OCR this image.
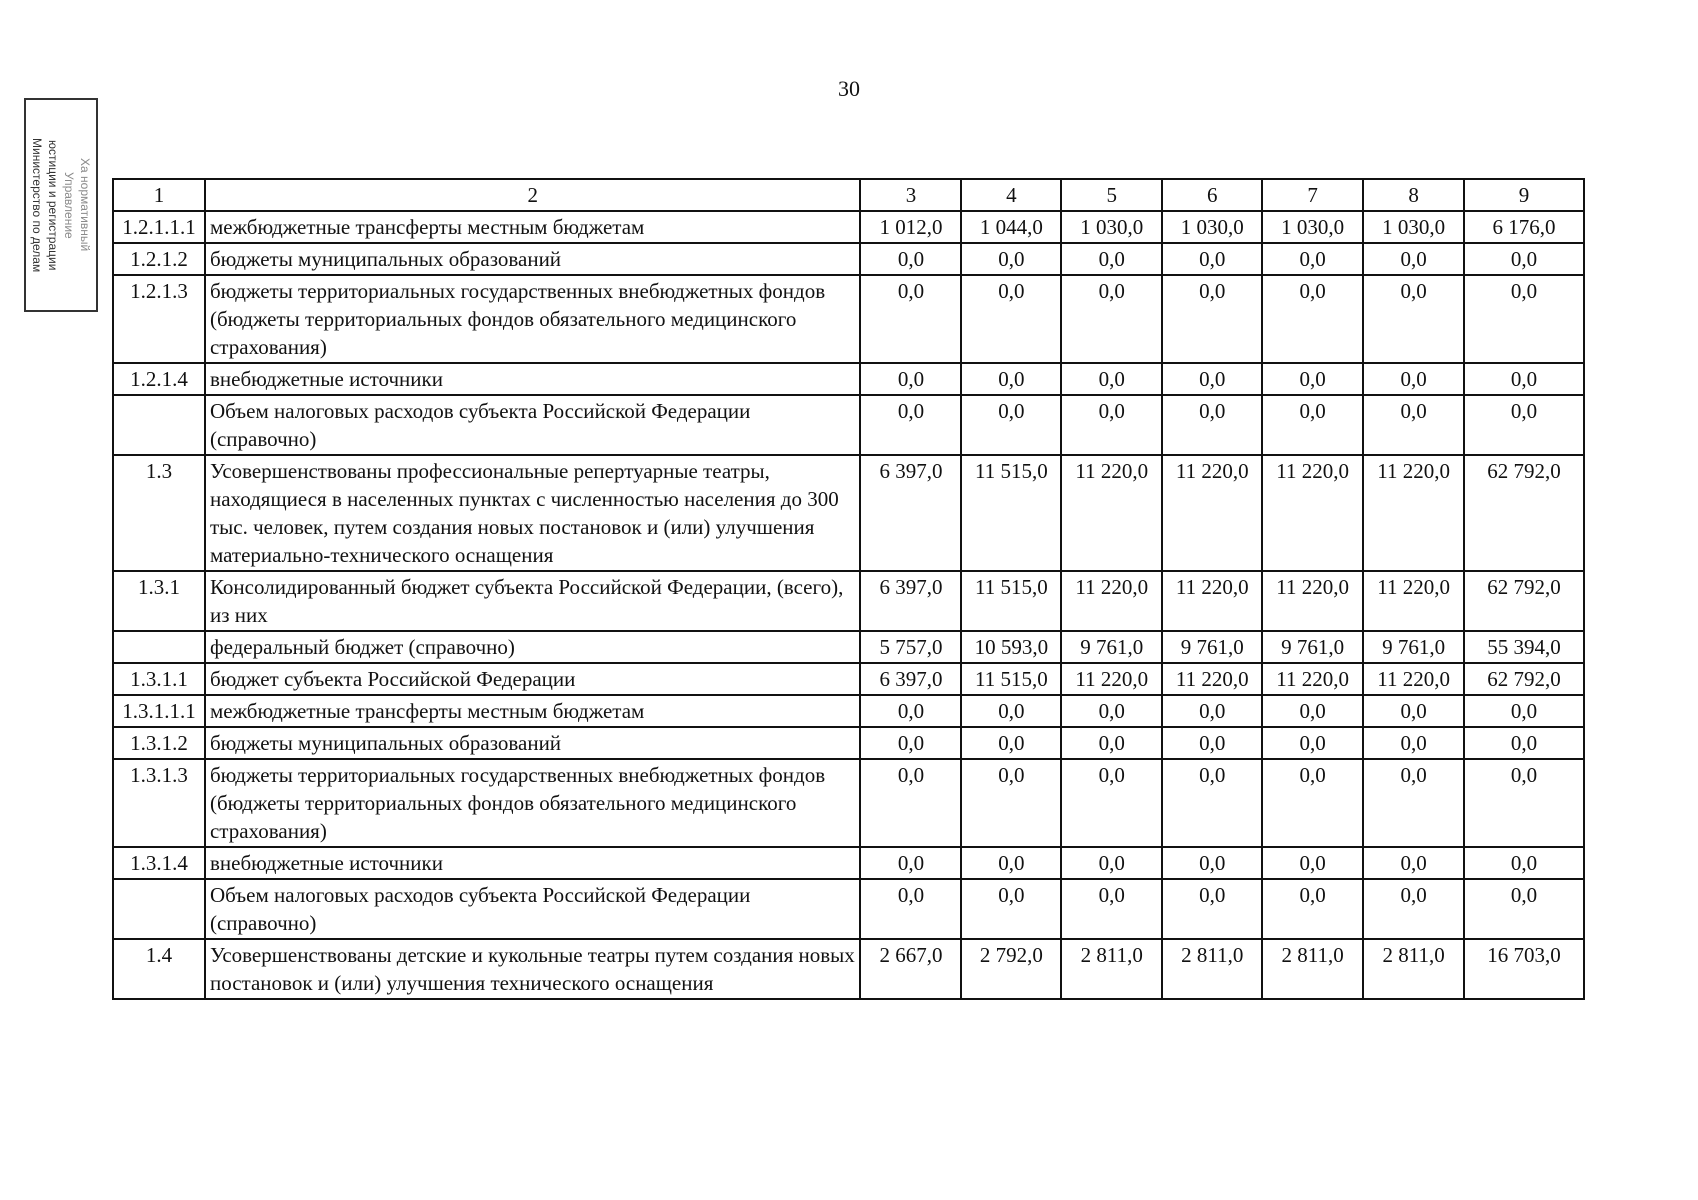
30
Министерство по делам юстиции и регистрации Управление Xa нормативный	1	2	3	4	5	6	7	8	9
1.2.1.1.1	межбюджетные трансферты местным бюджетам	1 012,0	1 044,0	1 030,0	1 030,0	1 030,0	1 030,0	6 176,0
1.2.1.2	бюджеты муниципальных образований	0,0	0,0	0,0	0,0	0,0	0,0	0,0
1.2.1.3	бюджеты территориальных государственных внебюджетных фондов (бюджеты территориальных фондов обязательного медицинского страхования)	0,0	0,0	0,0	0,0	0,0	0,0	0,0
1.2.1.4	внебюджетные источники	0,0	0,0	0,0	0,0	0,0	0,0	0,0
	Объем налоговых расходов субъекта Российской Федерации (справочно)	0,0	0,0	0,0	0,0	0,0	0,0	0,0
1.3	Усовершенствованы профессиональные репертуарные театры, находящиеся в населенных пунктах с численностью населения до 300 тыс. человек, путем создания новых постановок и (или) улучшения материально-технического оснащения	6 397,0	11 515,0	11 220,0	11 220,0	11 220,0	11 220,0	62 792,0
1.3.1	Консолидированный бюджет субъекта Российской Федерации, (всего), из них	6 397,0	11 515,0	11 220,0	11 220,0	11 220,0	11 220,0	62 792,0
	федеральный бюджет (справочно)	5 757,0	10 593,0	9 761,0	9 761,0	9 761,0	9 761,0	55 394,0
1.3.1.1	бюджет субъекта Российской Федерации	6 397,0	11 515,0	11 220,0	11 220,0	11 220,0	11 220,0	62 792,0
1.3.1.1.1	межбюджетные трансферты местным бюджетам	0,0	0,0	0,0	0,0	0,0	0,0	0,0
1.3.1.2	бюджеты муниципальных образований	0,0	0,0	0,0	0,0	0,0	0,0	0,0
1.3.1.3	бюджеты территориальных государственных внебюджетных фондов (бюджеты территориальных фондов обязательного медицинского страхования)	0,0	0,0	0,0	0,0	0,0	0,0	0,0
1.3.1.4	внебюджетные источники	0,0	0,0	0,0	0,0	0,0	0,0	0,0
	Объем налоговых расходов субъекта Российской Федерации (справочно)	0,0	0,0	0,0	0,0	0,0	0,0	0,0
1.4	Усовершенствованы детские и кукольные театры путем создания новых постановок и (или) улучшения технического оснащения	2 667,0	2 792,0	2 811,0	2 811,0	2 811,0	2 811,0	16 703,0
